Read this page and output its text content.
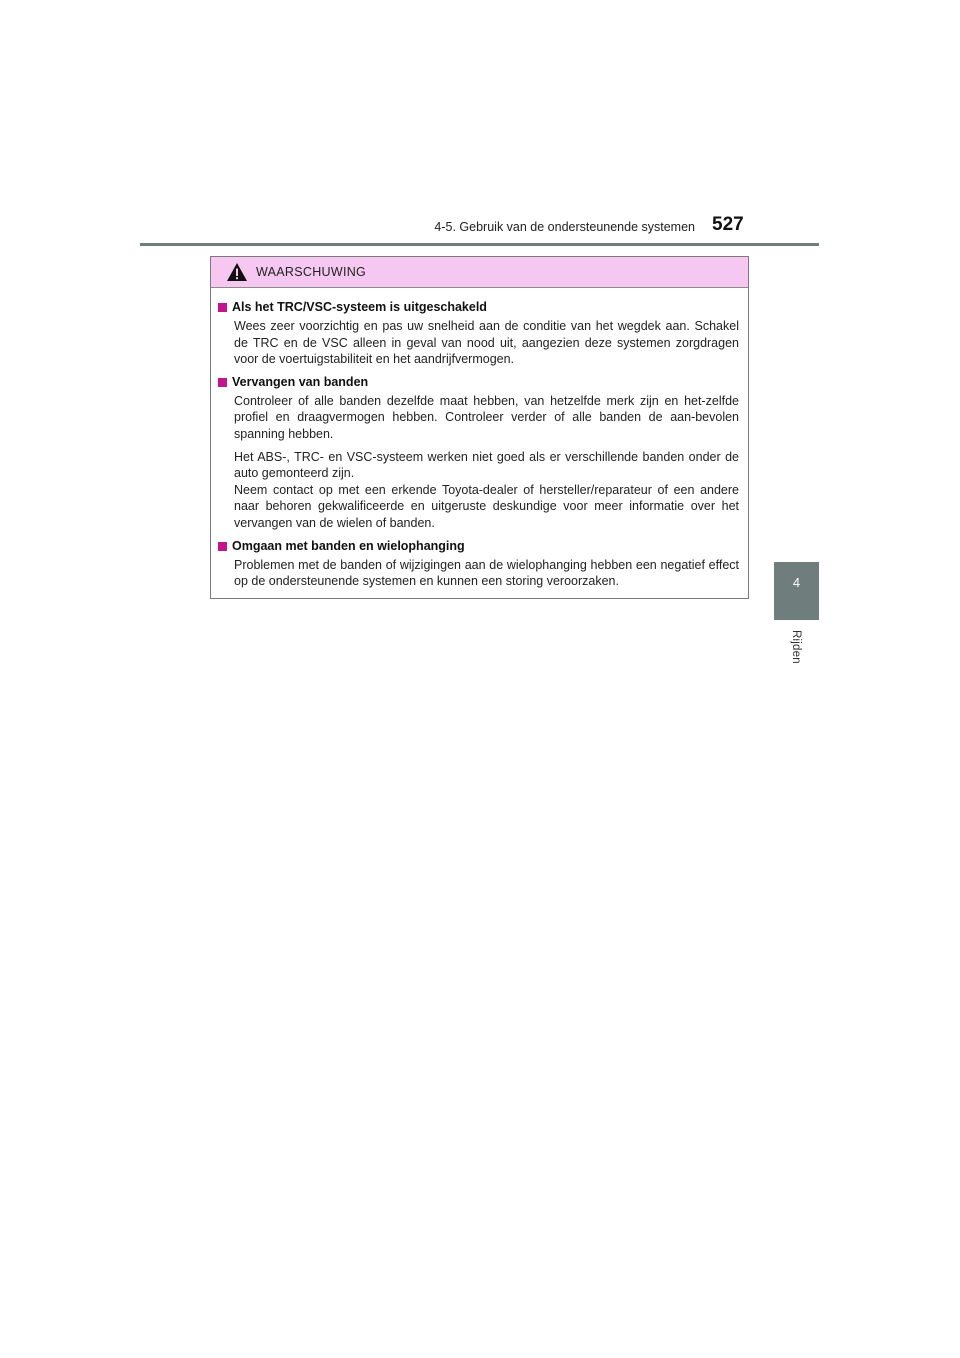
4-5. Gebruik van de ondersteunende systemen 527
4
Rijden
WAARSCHUWING
Als het TRC/VSC-systeem is uitgeschakeld

Wees zeer voorzichtig en pas uw snelheid aan de conditie van het wegdek aan. Schakel de TRC en de VSC alleen in geval van nood uit, aangezien deze systemen zorgdragen voor de voertuigstabiliteit en het aandrijfvermogen.

Vervangen van banden

Controleer of alle banden dezelfde maat hebben, van hetzelfde merk zijn en het-zelfde profiel en draagvermogen hebben. Controleer verder of alle banden de aan-bevolen spanning hebben.

Het ABS-, TRC- en VSC-systeem werken niet goed als er verschillende banden onder de auto gemonteerd zijn.

Neem contact op met een erkende Toyota-dealer of hersteller/reparateur of een andere naar behoren gekwalificeerde en uitgeruste deskundige voor meer informatie over het vervangen van de wielen of banden.

Omgaan met banden en wielophanging

Problemen met de banden of wijzigingen aan de wielophanging hebben een negatief effect op de ondersteunende systemen en kunnen een storing veroorzaken.
